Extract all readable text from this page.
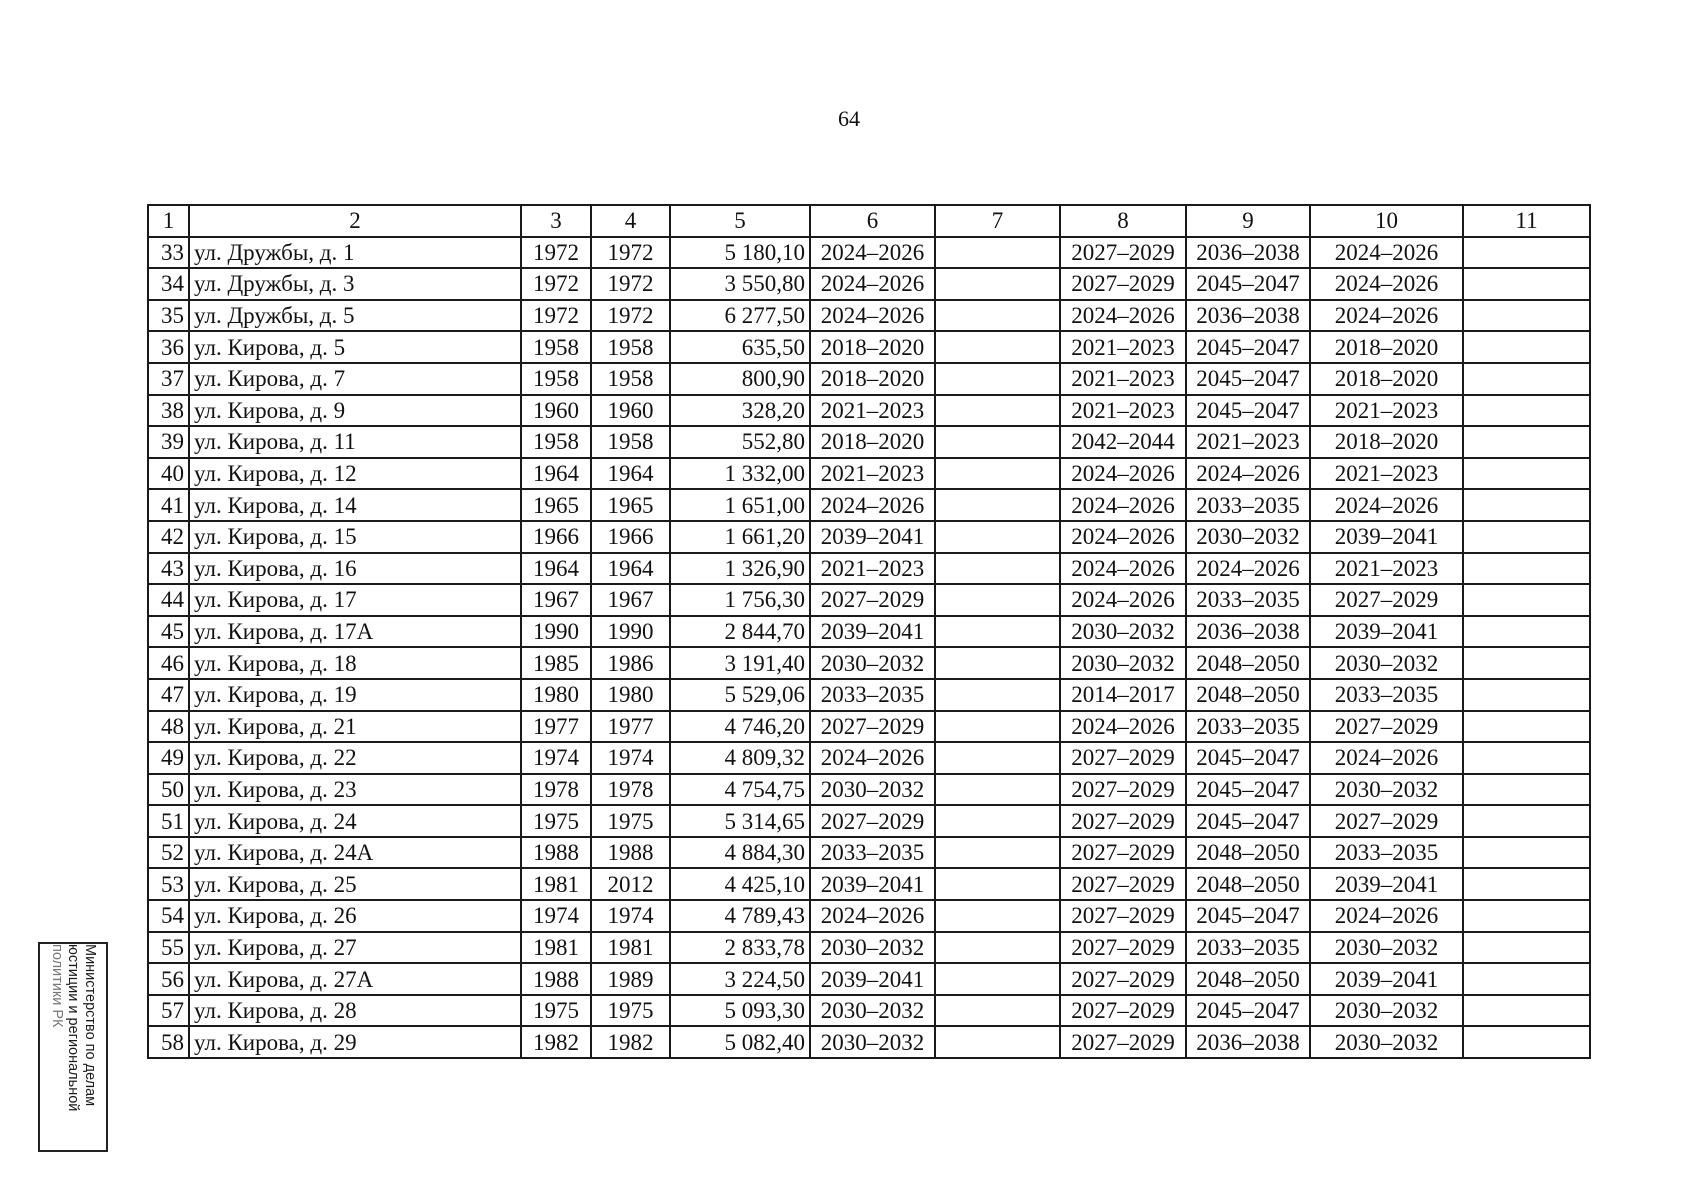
64
1	2	3	4	5	6	7	8	9	10	11
33	ул. Дружбы, д. 1	1972	1972	5 180,10	2024–2026		2027–2029	2036–2038	2024–2026	
34	ул. Дружбы, д. 3	1972	1972	3 550,80	2024–2026		2027–2029	2045–2047	2024–2026	
35	ул. Дружбы, д. 5	1972	1972	6 277,50	2024–2026		2024–2026	2036–2038	2024–2026	
36	ул. Кирова, д. 5	1958	1958	635,50	2018–2020		2021–2023	2045–2047	2018–2020	
37	ул. Кирова, д. 7	1958	1958	800,90	2018–2020		2021–2023	2045–2047	2018–2020	
38	ул. Кирова, д. 9	1960	1960	328,20	2021–2023		2021–2023	2045–2047	2021–2023	
39	ул. Кирова, д. 11	1958	1958	552,80	2018–2020		2042–2044	2021–2023	2018–2020	
40	ул. Кирова, д. 12	1964	1964	1 332,00	2021–2023		2024–2026	2024–2026	2021–2023	
41	ул. Кирова, д. 14	1965	1965	1 651,00	2024–2026		2024–2026	2033–2035	2024–2026	
42	ул. Кирова, д. 15	1966	1966	1 661,20	2039–2041		2024–2026	2030–2032	2039–2041	
43	ул. Кирова, д. 16	1964	1964	1 326,90	2021–2023		2024–2026	2024–2026	2021–2023	
44	ул. Кирова, д. 17	1967	1967	1 756,30	2027–2029		2024–2026	2033–2035	2027–2029	
45	ул. Кирова, д. 17А	1990	1990	2 844,70	2039–2041		2030–2032	2036–2038	2039–2041	
46	ул. Кирова, д. 18	1985	1986	3 191,40	2030–2032		2030–2032	2048–2050	2030–2032	
47	ул. Кирова, д. 19	1980	1980	5 529,06	2033–2035		2014–2017	2048–2050	2033–2035	
48	ул. Кирова, д. 21	1977	1977	4 746,20	2027–2029		2024–2026	2033–2035	2027–2029	
49	ул. Кирова, д. 22	1974	1974	4 809,32	2024–2026		2027–2029	2045–2047	2024–2026	
50	ул. Кирова, д. 23	1978	1978	4 754,75	2030–2032		2027–2029	2045–2047	2030–2032	
51	ул. Кирова, д. 24	1975	1975	5 314,65	2027–2029		2027–2029	2045–2047	2027–2029	
52	ул. Кирова, д. 24А	1988	1988	4 884,30	2033–2035		2027–2029	2048–2050	2033–2035	
53	ул. Кирова, д. 25	1981	2012	4 425,10	2039–2041		2027–2029	2048–2050	2039–2041	
54	ул. Кирова, д. 26	1974	1974	4 789,43	2024–2026		2027–2029	2045–2047	2024–2026	
55	ул. Кирова, д. 27	1981	1981	2 833,78	2030–2032		2027–2029	2033–2035	2030–2032	
56	ул. Кирова, д. 27А	1988	1989	3 224,50	2039–2041		2027–2029	2048–2050	2039–2041	
57	ул. Кирова, д. 28	1975	1975	5 093,30	2030–2032		2027–2029	2045–2047	2030–2032	
58	ул. Кирова, д. 29	1982	1982	5 082,40	2030–2032		2027–2029	2036–2038	2030–2032	
Министерство по делам
юстиции и региональной
политики РК
